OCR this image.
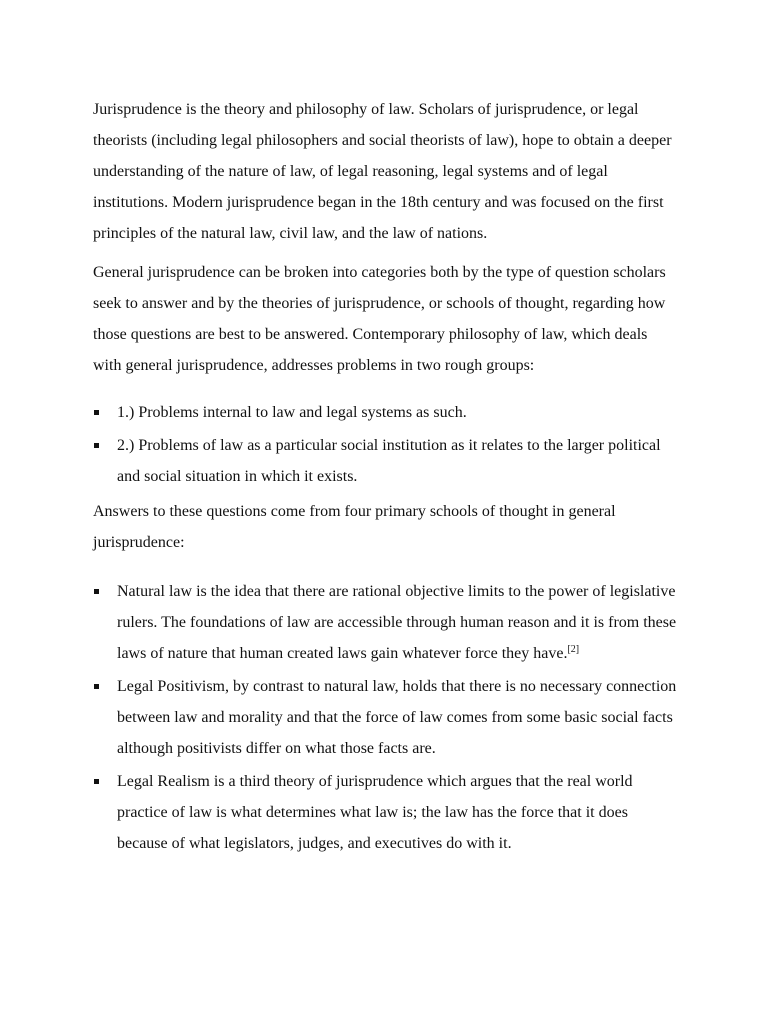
Jurisprudence is the theory and philosophy of law. Scholars of jurisprudence, or legal theorists (including legal philosophers and social theorists of law), hope to obtain a deeper understanding of the nature of law, of legal reasoning, legal systems and of legal institutions. Modern jurisprudence began in the 18th century and was focused on the first principles of the natural law, civil law, and the law of nations.

General jurisprudence can be broken into categories both by the type of question scholars seek to answer and by the theories of jurisprudence, or schools of thought, regarding how those questions are best to be answered. Contemporary philosophy of law, which deals with general jurisprudence, addresses problems in two rough groups:

1.) Problems internal to law and legal systems as such.
2.) Problems of law as a particular social institution as it relates to the larger political and social situation in which it exists.

Answers to these questions come from four primary schools of thought in general jurisprudence:

Natural law is the idea that there are rational objective limits to the power of legislative rulers. The foundations of law are accessible through human reason and it is from these laws of nature that human created laws gain whatever force they have.[2]
Legal Positivism, by contrast to natural law, holds that there is no necessary connection between law and morality and that the force of law comes from some basic social facts although positivists differ on what those facts are.
Legal Realism is a third theory of jurisprudence which argues that the real world practice of law is what determines what law is; the law has the force that it does because of what legislators, judges, and executives do with it.
